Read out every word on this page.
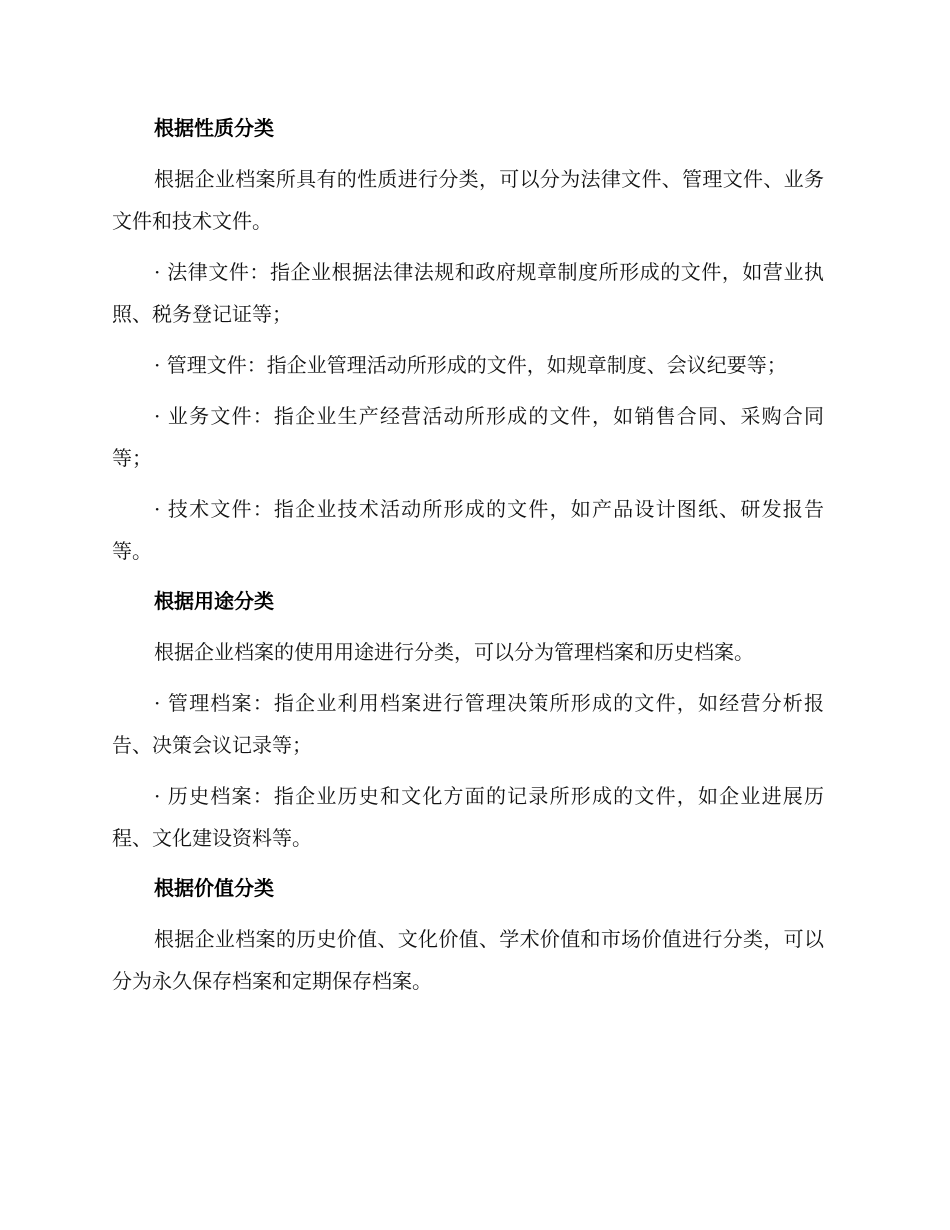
根据性质分类

根据企业档案所具有的性质进行分类，可以分为法律文件、管理文件、业务文件和技术文件。

· 法律文件：指企业根据法律法规和政府规章制度所形成的文件，如营业执照、税务登记证等；

· 管理文件：指企业管理活动所形成的文件，如规章制度、会议纪要等；

· 业务文件：指企业生产经营活动所形成的文件，如销售合同、采购合同等；

· 技术文件：指企业技术活动所形成的文件，如产品设计图纸、研发报告等。

根据用途分类

根据企业档案的使用用途进行分类，可以分为管理档案和历史档案。

· 管理档案：指企业利用档案进行管理决策所形成的文件，如经营分析报告、决策会议记录等；

· 历史档案：指企业历史和文化方面的记录所形成的文件，如企业进展历程、文化建设资料等。

根据价值分类

根据企业档案的历史价值、文化价值、学术价值和市场价值进行分类，可以分为永久保存档案和定期保存档案。
